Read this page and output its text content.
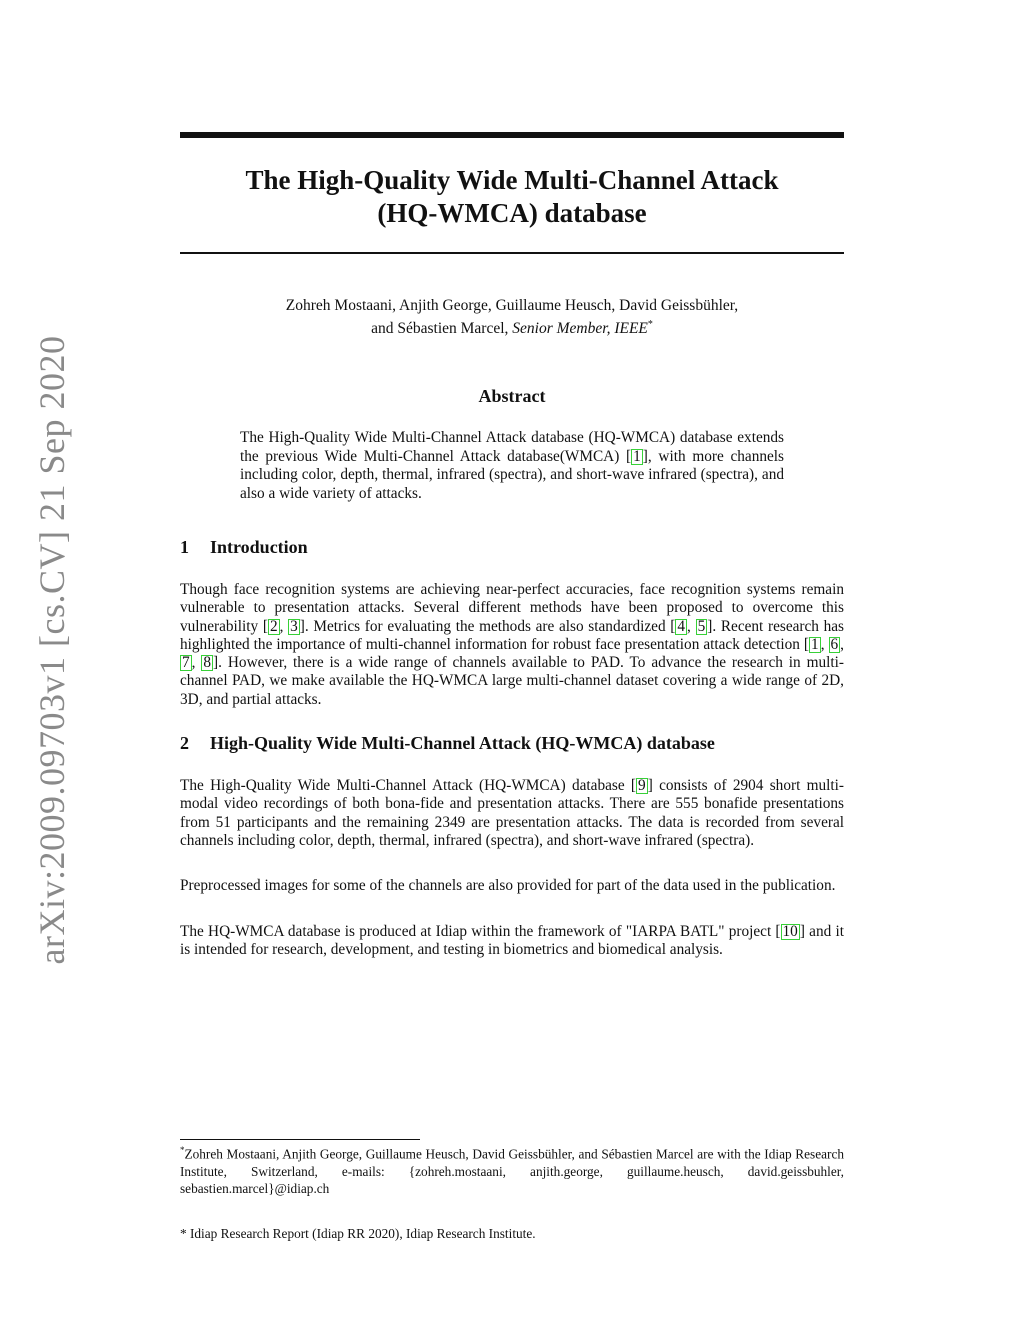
arXiv:2009.09703v1 [cs.CV] 21 Sep 2020
The High-Quality Wide Multi-Channel Attack
(HQ-WMCA) database
Zohreh Mostaani, Anjith George, Guillaume Heusch, David Geissbühler,
and Sébastien Marcel, Senior Member, IEEE*
Abstract

The High-Quality Wide Multi-Channel Attack database (HQ-WMCA) database extends the previous Wide Multi-Channel Attack database(WMCA) [ 1 ], with more channels including color, depth, thermal, infrared (spectra), and short-wave infrared (spectra), and also a wide variety of attacks.

1 Introduction

Though face recognition systems are achieving near-perfect accuracies, face recognition systems remain vulnerable to presentation attacks. Several different methods have been proposed to overcome this vulnerability [ 2 , 3 ]. Metrics for evaluating the methods are also standardized [ 4 , 5 ]. Recent research has highlighted the importance of multi-channel information for robust face presentation attack detection [ 1 , 6 , 7 , 8 ]. However, there is a wide range of channels available to PAD. To advance the research in multi-channel PAD, we make available the HQ-WMCA large multi-channel dataset covering a wide range of 2D, 3D, and partial attacks.

2 High-Quality Wide Multi-Channel Attack (HQ-WMCA) database

The High-Quality Wide Multi-Channel Attack (HQ-WMCA) database [ 9 ] consists of 2904 short multi-modal video recordings of both bona-fide and presentation attacks. There are 555 bonafide presentations from 51 participants and the remaining 2349 are presentation attacks. The data is recorded from several channels including color, depth, thermal, infrared (spectra), and short-wave infrared (spectra).

Preprocessed images for some of the channels are also provided for part of the data used in the publication.

The HQ-WMCA database is produced at Idiap within the framework of "IARPA BATL" project [ 10 ] and it is intended for research, development, and testing in biometrics and biomedical analysis.

*Zohreh Mostaani, Anjith George, Guillaume Heusch, David Geissbühler, and Sébastien Marcel are with the Idiap Research Institute, Switzerland, e-mails: {zohreh.mostaani, anjith.george, guillaume.heusch, david.geissbuhler, sebastien.marcel}@idiap.ch

* Idiap Research Report (Idiap RR 2020), Idiap Research Institute.
